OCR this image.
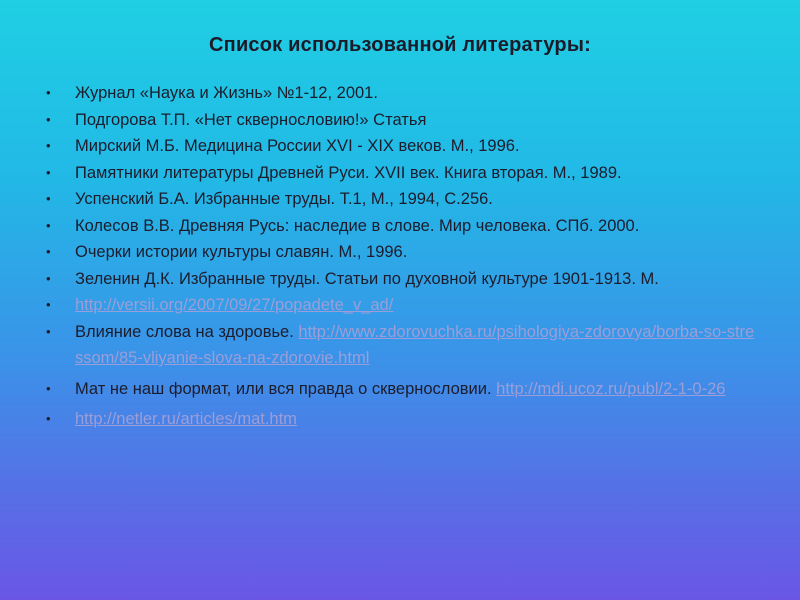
Список использованной литературы:
• Журнал «Наука и Жизнь» №1-12, 2001.
• Подгорова Т.П. «Нет сквернословию!» Статья
• Мирский М.Б. Медицина России XVI - XIX веков. М., 1996.
• Памятники литературы Древней Руси. XVII век. Книга вторая. М., 1989.
• Успенский Б.А. Избранные труды. Т.1, М., 1994, С.256.
• Колесов В.В. Древняя Русь: наследие в слове. Мир человека. СПб. 2000.
• Очерки истории культуры славян. М., 1996.
• Зеленин Д.К. Избранные труды. Статьи по духовной культуре 1901-1913. М.
• http://versii.org/2007/09/27/popadete_v_ad/
• Влияние слова на здоровье. http://www.zdorovuchka.ru/psihologiya-zdorovya/borba-so-stressom/85-vliyanie-slova-na-zdorovie.html
• Мат не наш формат, или вся правда о сквернословии. http://mdi.ucoz.ru/publ/2-1-0-26
• http://netler.ru/articles/mat.htm
